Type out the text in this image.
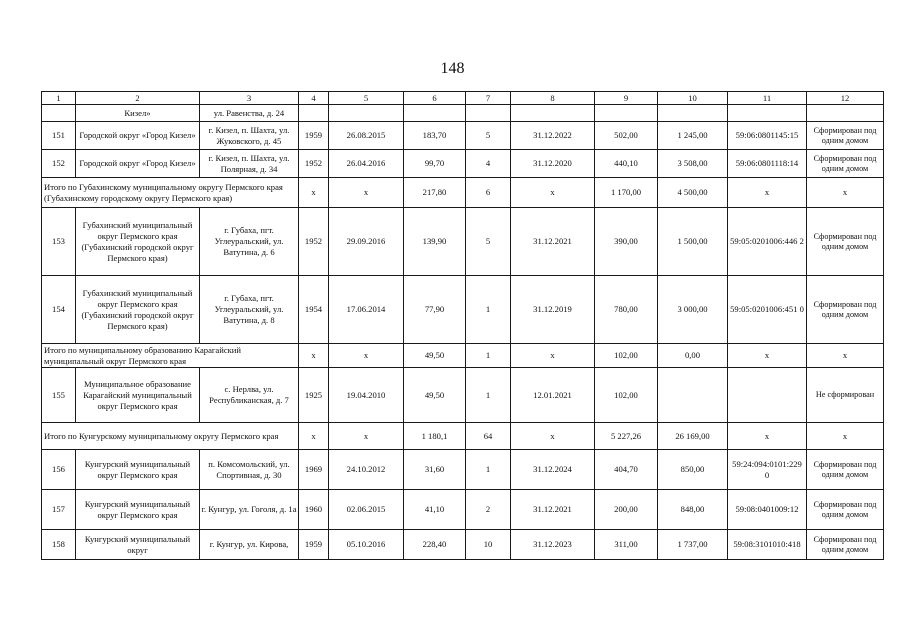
148
1	2	3	4	5	6	7	8	9	10	11	12
	Кизел»	ул. Равенства, д. 24									
151	Городской округ «Город Кизел»	г. Кизел, п. Шахта, ул. Жуковского, д. 45	1959	26.08.2015	183,70	5	31.12.2022	502,00	1 245,00	59:06:0801145:15	Сформирован под одним домом
152	Городской округ «Город Кизел»	г. Кизел, п. Шахта, ул. Полярная, д. 34	1952	26.04.2016	99,70	4	31.12.2020	440,10	3 508,00	59:06:0801118:14	Сформирован под одним домом
Итого по Губахинскому муниципальному округу Пермского края (Губахинскому городскому округу Пермского края)			x	x	217,80	6	x	1 170,00	4 500,00	x	x
153	Губахинский муниципальный округ Пермского края (Губахинский городской округ Пермского края)	г. Губаха, пгт. Углеуральский, ул. Ватутина, д. 6	1952	29.09.2016	139,90	5	31.12.2021	390,00	1 500,00	59:05:0201006:446 2	Сформирован под одним домом
154	Губахинский муниципальный округ Пермского края (Губахинский городской округ Пермского края)	г. Губаха, пгт. Углеуральский, ул. Ватутина, д. 8	1954	17.06.2014	77,90	1	31.12.2019	780,00	3 000,00	59:05:0201006:451 0	Сформирован под одним домом
Итого по муниципальному образованию Карагайский муниципальный округ Пермского края			x	x	49,50	1	x	102,00	0,00	x	x
155	Муниципальное образование Карагайский муниципальный округ Пермского края	с. Нерлва, ул. Республиканская, д. 7	1925	19.04.2010	49,50	1	12.01.2021	102,00			Не сформирован
Итого по Кунгурскому муниципальному округу Пермского края			x	x	1 180,1	64	x	5 227,26	26 169,00	x	x
156	Кунгурский муниципальный округ Пермского края	п. Комсомольский, ул. Спортивная, д. 30	1969	24.10.2012	31,60	1	31.12.2024	404,70	850,00	59:24:094:0101:229 0	Сформирован под одним домом
157	Кунгурский муниципальный округ Пермского края	г. Кунгур, ул. Гоголя, д. 1а	1960	02.06.2015	41,10	2	31.12.2021	200,00	848,00	59:08:0401009:12	Сформирован под одним домом
158	Кунгурский муниципальный округ	г. Кунгур, ул. Кирова,	1959	05.10.2016	228,40	10	31.12.2023	311,00	1 737,00	59:08:3101010:418	Сформирован под одним домом
